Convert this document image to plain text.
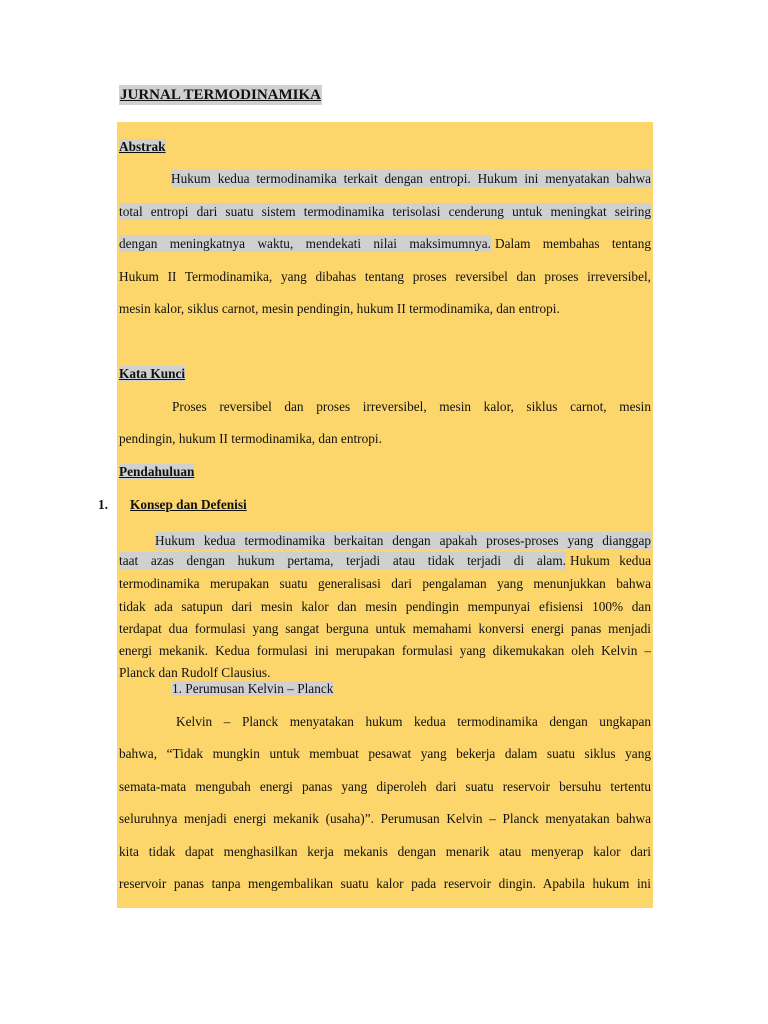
JURNAL TERMODINAMIKA
Abstrak
Hukum kedua termodinamika terkait dengan entropi. Hukum ini menyatakan bahwa
total entropi dari suatu sistem termodinamika terisolasi cenderung untuk meningkat seiring
dengan meningkatnya waktu, mendekati nilai maksimumnya. Dalam membahas tentang
Hukum II Termodinamika, yang dibahas tentang proses reversibel dan proses irreversibel,
mesin kalor, siklus carnot, mesin pendingin, hukum II termodinamika, dan entropi.
Kata Kunci
Proses reversibel dan proses irreversibel, mesin kalor, siklus carnot, mesin
pendingin, hukum II termodinamika, dan entropi.
Pendahuluan
1. Konsep dan Defenisi
Hukum kedua termodinamika berkaitan dengan apakah proses-proses yang dianggap
taat azas dengan hukum pertama, terjadi atau tidak terjadi di alam. Hukum kedua
termodinamika merupakan suatu generalisasi dari pengalaman yang menunjukkan bahwa
tidak ada satupun dari mesin kalor dan mesin pendingin mempunyai efisiensi 100% dan
terdapat dua formulasi yang sangat berguna untuk memahami konversi energi panas menjadi
energi mekanik. Kedua formulasi ini merupakan formulasi yang dikemukakan oleh Kelvin –
Planck dan Rudolf Clausius.
1. Perumusan Kelvin – Planck
Kelvin – Planck menyatakan hukum kedua termodinamika dengan ungkapan
bahwa, “Tidak mungkin untuk membuat pesawat yang bekerja dalam suatu siklus yang
semata-mata mengubah energi panas yang diperoleh dari suatu reservoir bersuhu tertentu
seluruhnya menjadi energi mekanik (usaha)”. Perumusan Kelvin – Planck menyatakan bahwa
kita tidak dapat menghasilkan kerja mekanis dengan menarik atau menyerap kalor dari
reservoir panas tanpa mengembalikan suatu kalor pada reservoir dingin. Apabila hukum ini
